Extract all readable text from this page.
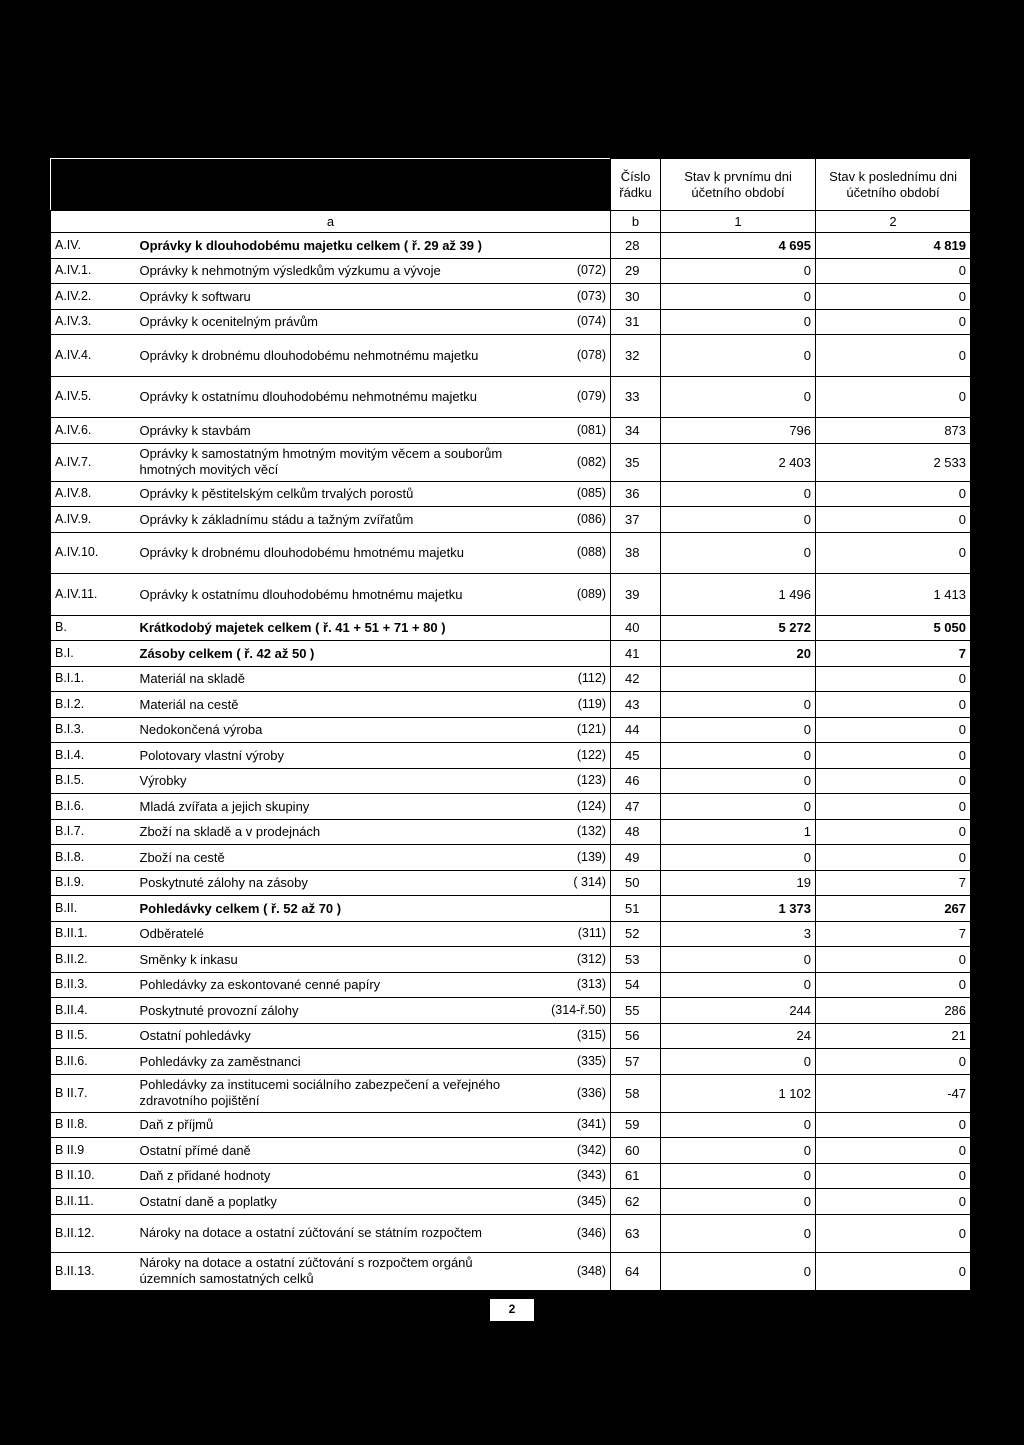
			Číslo řádku	Stav k prvnímu dni účetního období	Stav k poslednímu dni účetního období
a			b	1	2
A.IV.	Oprávky k dlouhodobému majetku celkem ( ř. 29 až 39 )		28	4 695	4 819
A.IV.1.	Oprávky k nehmotným výsledkům výzkumu a vývoje	(072)	29	0	0
A.IV.2.	Oprávky k softwaru	(073)	30	0	0
A.IV.3.	Oprávky k ocenitelným právům	(074)	31	0	0
A.IV.4.	Oprávky k drobnému dlouhodobému nehmotnému majetku	(078)	32	0	0
A.IV.5.	Oprávky k ostatnímu dlouhodobému nehmotnému majetku	(079)	33	0	0
A.IV.6.	Oprávky k stavbám	(081)	34	796	873
A.IV.7.	Oprávky k samostatným hmotným movitým věcem a souborům hmotných movitých věcí	(082)	35	2 403	2 533
A.IV.8.	Oprávky k pěstitelským celkům trvalých porostů	(085)	36	0	0
A.IV.9.	Oprávky k základnímu stádu a tažným zvířatům	(086)	37	0	0
A.IV.10.	Oprávky k drobnému dlouhodobému hmotnému majetku	(088)	38	0	0
A.IV.11.	Oprávky k ostatnímu dlouhodobému hmotnému majetku	(089)	39	1 496	1 413
B.	Krátkodobý majetek celkem ( ř. 41 + 51 + 71 + 80 )		40	5 272	5 050
B.I.	Zásoby celkem ( ř. 42 až 50 )		41	20	7
B.I.1.	Materiál na skladě	(112)	42		0
B.I.2.	Materiál na cestě	(119)	43	0	0
B.I.3.	Nedokončená výroba	(121)	44	0	0
B.I.4.	Polotovary vlastní výroby	(122)	45	0	0
B.I.5.	Výrobky	(123)	46	0	0
B.I.6.	Mladá zvířata a jejich skupiny	(124)	47	0	0
B.I.7.	Zboží na skladě a v prodejnách	(132)	48	1	0
B.I.8.	Zboží na cestě	(139)	49	0	0
B.I.9.	Poskytnuté zálohy na zásoby	( 314)	50	19	7
B.II.	Pohledávky celkem ( ř. 52 až 70 )		51	1 373	267
B.II.1.	Odběratelé	(311)	52	3	7
B.II.2.	Směnky k inkasu	(312)	53	0	0
B.II.3.	Pohledávky za eskontované cenné papíry	(313)	54	0	0
B.II.4.	Poskytnuté provozní zálohy	(314-ř.50)	55	244	286
B II.5.	Ostatní pohledávky	(315)	56	24	21
B.II.6.	Pohledávky za zaměstnanci	(335)	57	0	0
B II.7.	Pohledávky za institucemi sociálního zabezpečení a veřejného zdravotního pojištění	(336)	58	1 102	-47
B II.8.	Daň z příjmů	(341)	59	0	0
B II.9	Ostatní přímé daně	(342)	60	0	0
B II.10.	Daň z přidané hodnoty	(343)	61	0	0
B.II.11.	Ostatní daně a poplatky	(345)	62	0	0
B.II.12.	Nároky na dotace a ostatní zúčtování se státním rozpočtem	(346)	63	0	0
B.II.13.	Nároky na dotace a ostatní zúčtování s rozpočtem orgánů územních samostatných celků	(348)	64	0	0
2
